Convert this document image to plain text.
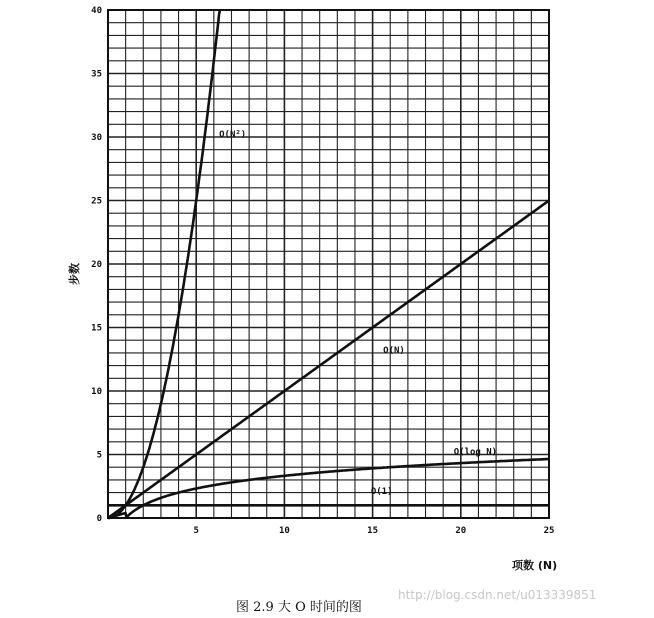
5	10	15	20	25
0
5
10
15
20
25
30
35
40
O(N²)
O(N)
O(log N)
O(1)
项数 (N)
步数
图 2.9 大 O 时间的图
http://blog.csdn.net/u013339851
